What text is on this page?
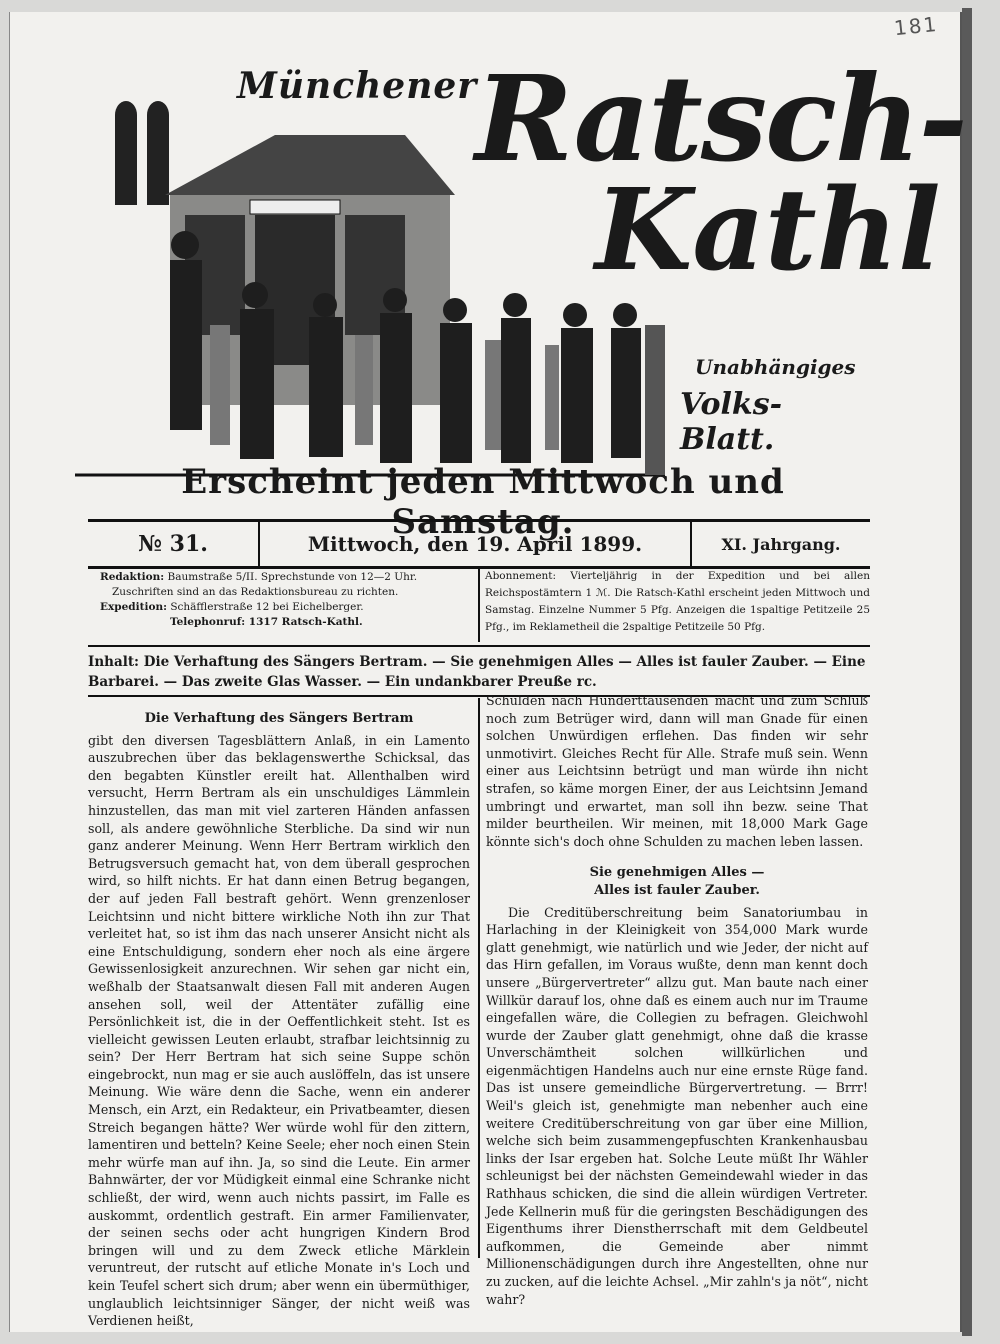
181
Münchener
Ratsch-
Kathl
Unabhängiges
Volks-Blatt.
Erscheint jeden Mittwoch und Samstag.
№ 31.	Mittwoch, den 19. April 1899.	XI. Jahrgang.
Redaktion: Baumstraße 5/II. Sprechstunde von 12—2 Uhr.
Zuschriften sind an das Redaktionsbureau zu richten.
Expedition: Schäfflerstraße 12 bei Eichelberger.
Telephonruf: 1317 Ratsch-Kathl.
Abonnement: Vierteljährig in der Expedition und bei allen Reichspostämtern 1 ℳ. Die Ratsch-Kathl erscheint jeden Mittwoch und Samstag. Einzelne Nummer 5 Pfg. Anzeigen die 1spaltige Petitzeile 25 Pfg., im Reklametheil die 2spaltige Petitzeile 50 Pfg.
Inhalt: Die Verhaftung des Sängers Bertram. — Sie genehmigen Alles — Alles ist fauler Zauber. — Eine Barbarei. — Das zweite Glas Wasser. — Ein undankbarer Preuße rc.
Die Verhaftung des Sängers Bertram

gibt den diversen Tagesblättern Anlaß, in ein Lamento auszubrechen über das beklagenswerthe Schicksal, das den begabten Künstler ereilt hat. Allenthalben wird versucht, Herrn Bertram als ein unschuldiges Lämmlein hinzustellen, das man mit viel zarteren Händen anfassen soll, als andere gewöhnliche Sterbliche. Da sind wir nun ganz anderer Meinung. Wenn Herr Bertram wirklich den Betrugsversuch gemacht hat, von dem überall gesprochen wird, so hilft nichts. Er hat dann einen Betrug begangen, der auf jeden Fall bestraft gehört. Wenn grenzenloser Leichtsinn und nicht bittere wirkliche Noth ihn zur That verleitet hat, so ist ihm das nach unserer Ansicht nicht als eine Entschuldigung, sondern eher noch als eine ärgere Gewissenlosigkeit anzurechnen. Wir sehen gar nicht ein, weßhalb der Staatsanwalt diesen Fall mit anderen Augen ansehen soll, weil der Attentäter zufällig eine Persönlichkeit ist, die in der Oeffentlichkeit steht. Ist es vielleicht gewissen Leuten erlaubt, strafbar leichtsinnig zu sein? Der Herr Bertram hat sich seine Suppe schön eingebrockt, nun mag er sie auch auslöffeln, das ist unsere Meinung. Wie wäre denn die Sache, wenn ein anderer Mensch, ein Arzt, ein Redakteur, ein Privatbeamter, diesen Streich begangen hätte? Wer würde wohl für den zittern, lamentiren und betteln? Keine Seele; eher noch einen Stein mehr würfe man auf ihn. Ja, so sind die Leute. Ein armer Bahnwärter, der vor Müdigkeit einmal eine Schranke nicht schließt, der wird, wenn auch nichts passirt, im Falle es auskommt, ordentlich gestraft. Ein armer Familienvater, der seinen sechs oder acht hungrigen Kindern Brod bringen will und zu dem Zweck etliche Märklein veruntreut, der rutscht auf etliche Monate in's Loch und kein Teufel schert sich drum; aber wenn ein übermüthiger, unglaublich leichtsinniger Sänger, der nicht weiß was Verdienen heißt,

Schulden nach Hunderttausenden macht und zum Schluß noch zum Betrüger wird, dann will man Gnade für einen solchen Unwürdigen erflehen. Das finden wir sehr unmotivirt. Gleiches Recht für Alle. Strafe muß sein. Wenn einer aus Leichtsinn betrügt und man würde ihn nicht strafen, so käme morgen Einer, der aus Leichtsinn Jemand umbringt und erwartet, man soll ihn bezw. seine That milder beurtheilen. Wir meinen, mit 18,000 Mark Gage könnte sich's doch ohne Schulden zu machen leben lassen.

Sie genehmigen Alles —
Alles ist fauler Zauber.

Die Creditüberschreitung beim Sanatoriumbau in Harlaching in der Kleinigkeit von 354,000 Mark wurde glatt genehmigt, wie natürlich und wie Jeder, der nicht auf das Hirn gefallen, im Voraus wußte, denn man kennt doch unsere „Bürgervertreter“ allzu gut. Man baute nach einer Willkür darauf los, ohne daß es einem auch nur im Traume eingefallen wäre, die Collegien zu befragen. Gleichwohl wurde der Zauber glatt genehmigt, ohne daß die krasse Unverschämtheit solchen willkürlichen und eigenmächtigen Handelns auch nur eine ernste Rüge fand. Das ist unsere gemeindliche Bürgervertretung. — Brrr! Weil's gleich ist, genehmigte man nebenher auch eine weitere Creditüberschreitung von gar über eine Million, welche sich beim zusammengepfuschten Krankenhausbau links der Isar ergeben hat. Solche Leute müßt Ihr Wähler schleunigst bei der nächsten Gemeindewahl wieder in das Rathhaus schicken, die sind die allein würdigen Vertreter. Jede Kellnerin muß für die geringsten Beschädigungen des Eigenthums ihrer Dienstherrschaft mit dem Geldbeutel aufkommen, die Gemeinde aber nimmt Millionenschädigungen durch ihre Angestellten, ohne nur zu zucken, auf die leichte Achsel. „Mir zahln's ja nöt“, nicht wahr?
